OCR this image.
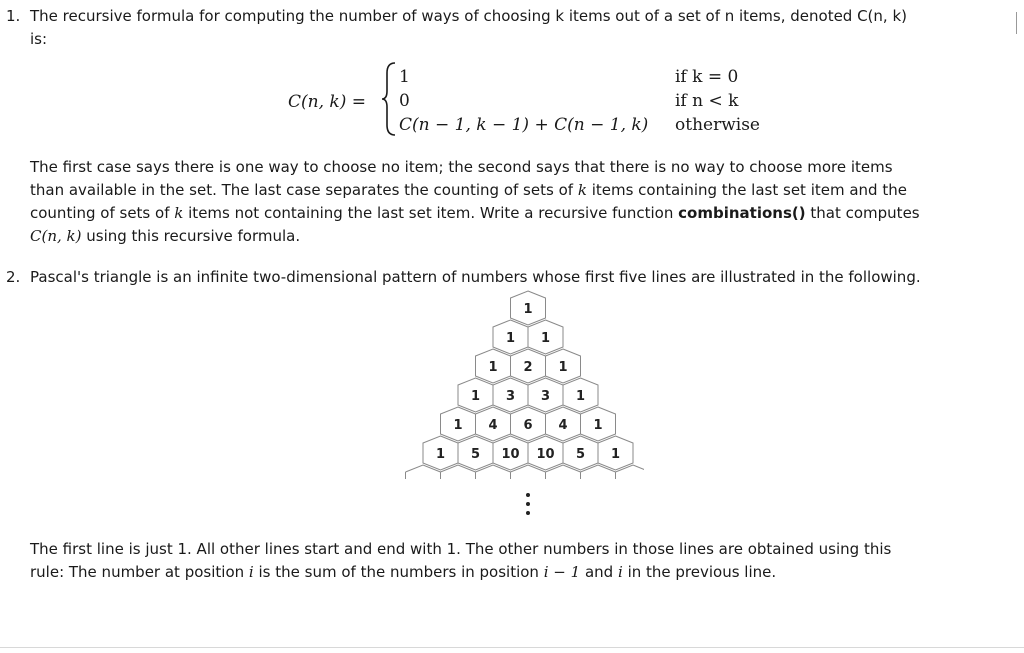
1. The recursive formula for computing the number of ways of choosing k items out of a set of n items, denoted C(n, k)
is:
C(n, k) =
1	if k = 0
0	if n < k
C(n − 1, k − 1) + C(n − 1, k) otherwise
The first case says there is one way to choose no item; the second says that there is no way to choose more items
than available in the set. The last case separates the counting of sets of k items containing the last set item and the
counting of sets of k items not containing the last set item. Write a recursive function combinations() that computes
C(n, k) using this recursive formula.
2. Pascal's triangle is an infinite two-dimensional pattern of numbers whose first five lines are illustrated in the following.
1
1 1
1 2 1
1 3 3 1
1 4 6 4 1
1 5 10 10 5 1
The first line is just 1. All other lines start and end with 1. The other numbers in those lines are obtained using this
rule: The number at position i is the sum of the numbers in position i − 1 and i in the previous line.
